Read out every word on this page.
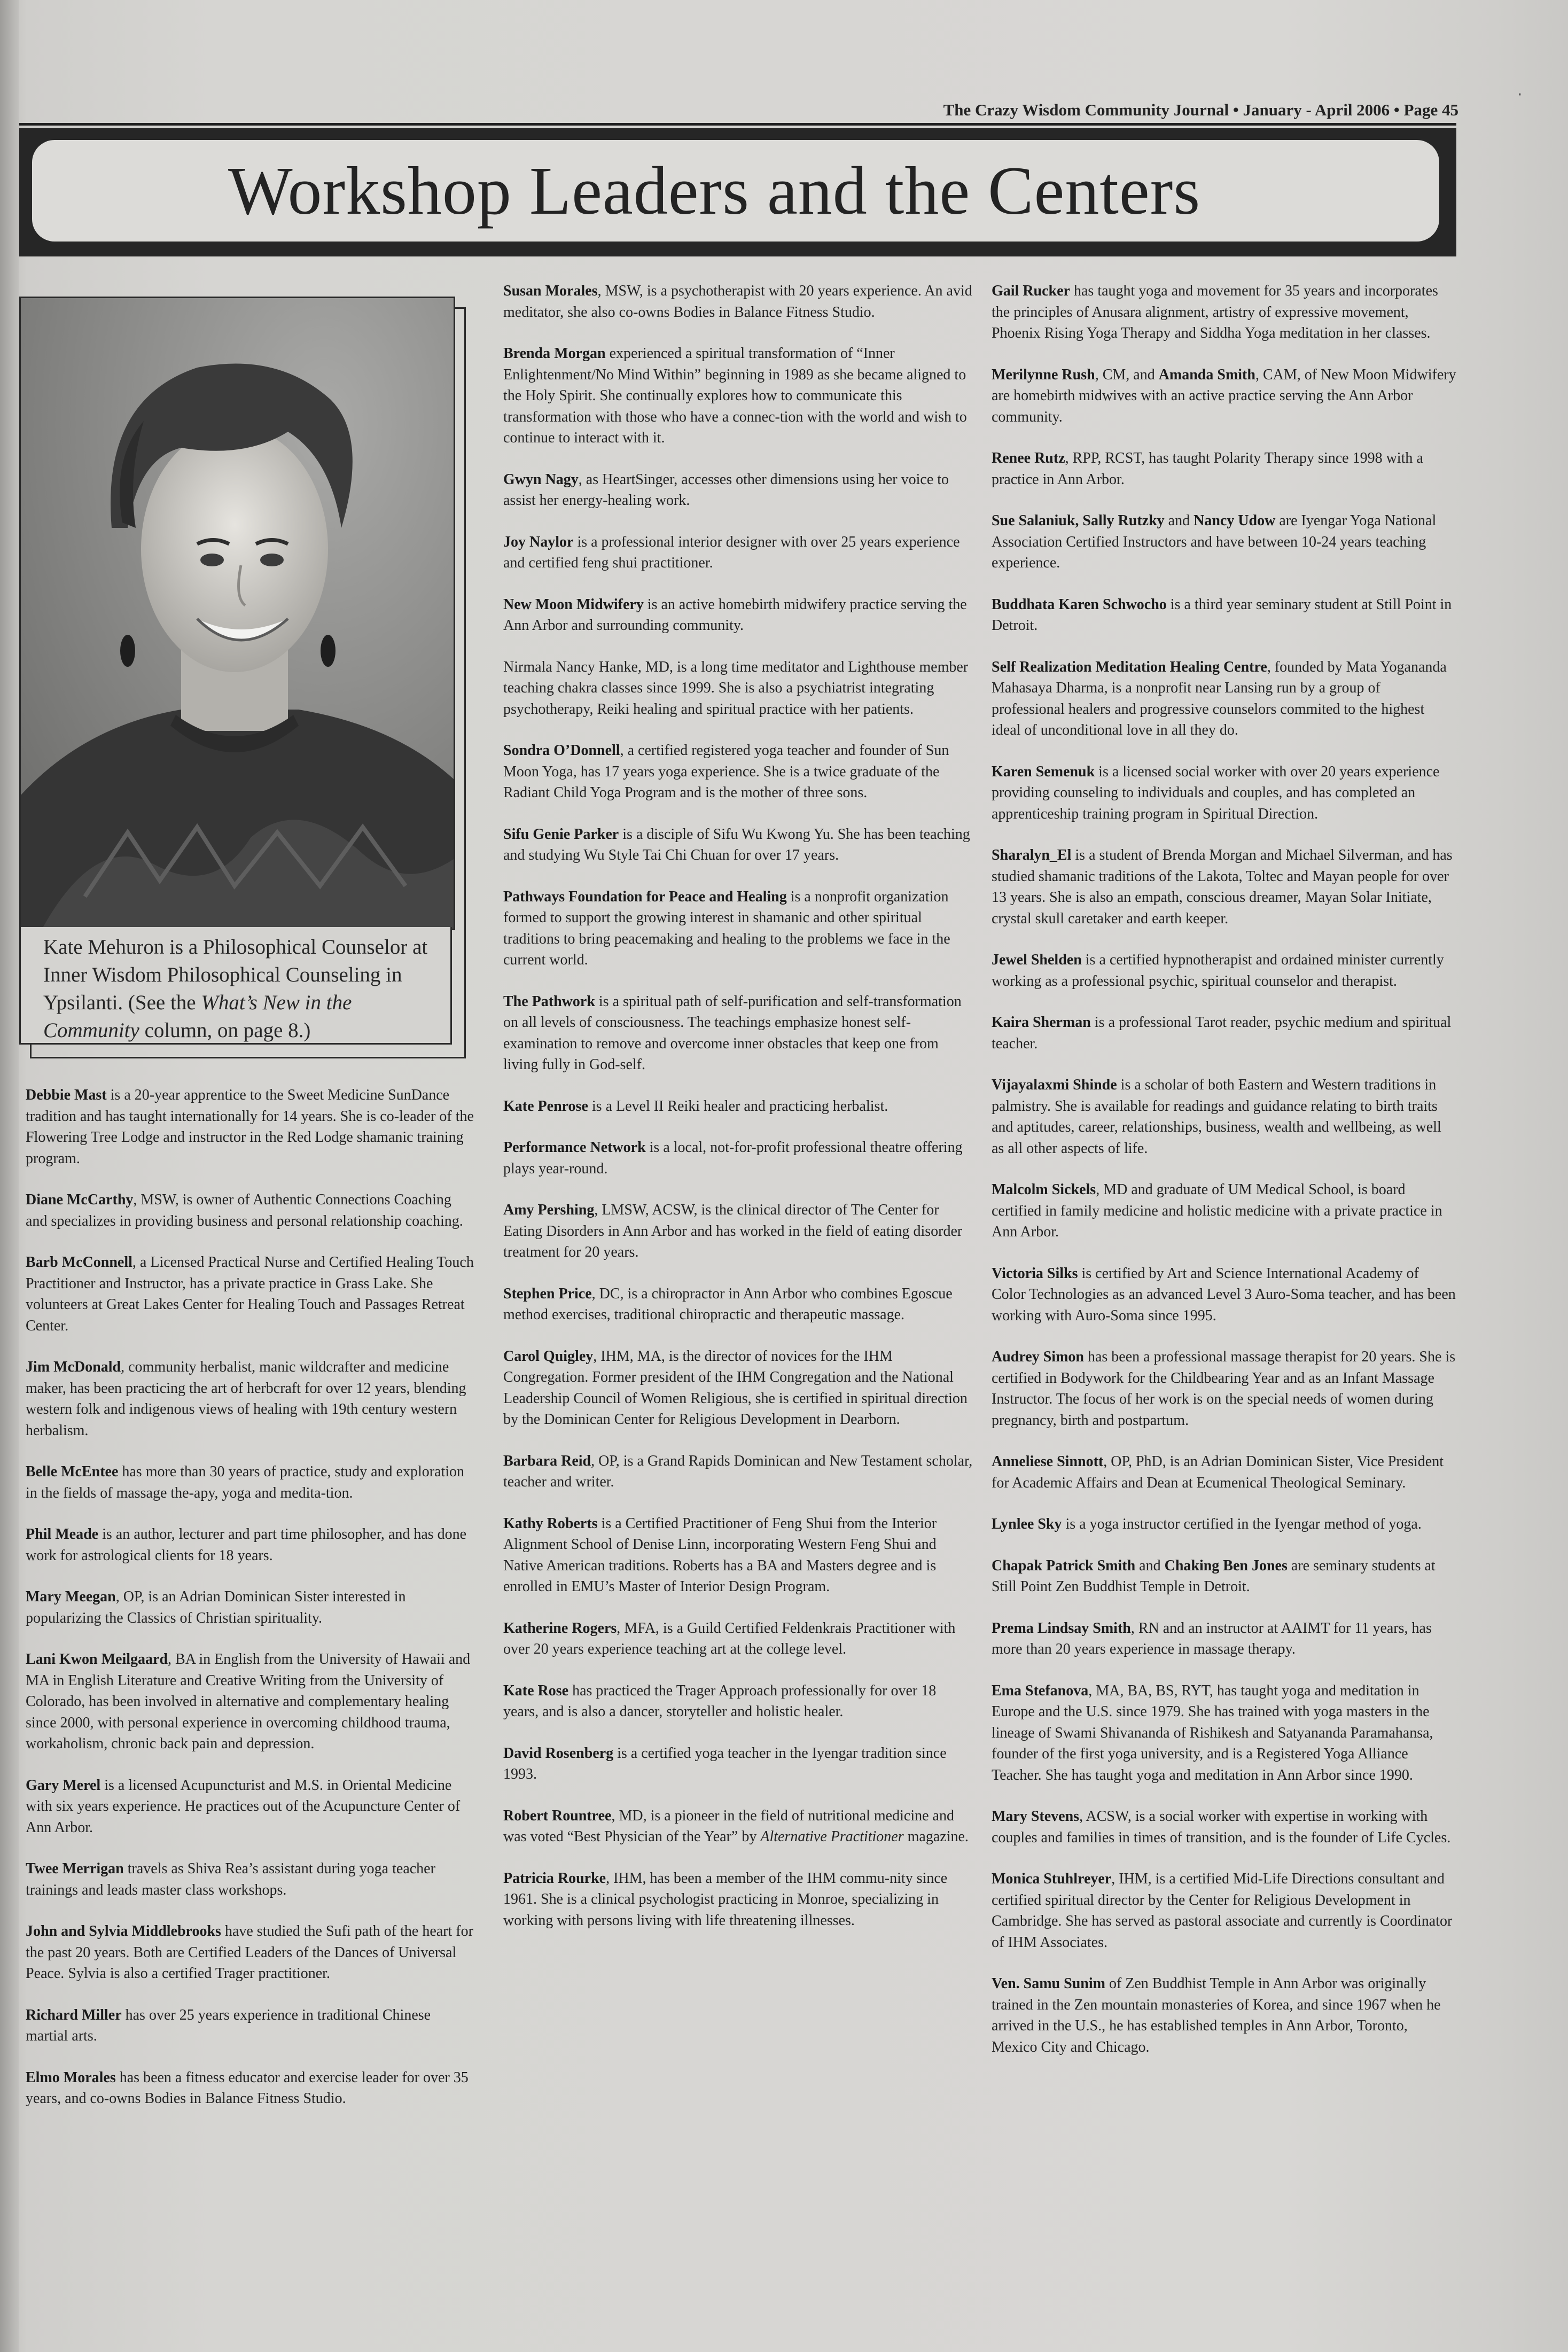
The Crazy Wisdom Community Journal • January - April 2006 • Page 45
Workshop Leaders and the Centers
Kate Mehuron is a Philosophical Counselor at Inner Wisdom Philosophical Counseling in Ypsilanti. (See the What’s New in the Community column, on page 8.)

Debbie Mast is a 20-year apprentice to the Sweet Medicine SunDance tradition and has taught internationally for 14 years. She is co-leader of the Flowering Tree Lodge and instructor in the Red Lodge shamanic training program.

Diane McCarthy, MSW, is owner of Authentic Connections Coaching and specializes in providing business and personal relationship coaching.

Barb McConnell, a Licensed Practical Nurse and Certified Healing Touch Practitioner and Instructor, has a private practice in Grass Lake. She volunteers at Great Lakes Center for Healing Touch and Passages Retreat Center.

Jim McDonald, community herbalist, manic wildcrafter and medicine maker, has been practicing the art of herbcraft for over 12 years, blending western folk and indigenous views of healing with 19th century western herbalism.

Belle McEntee has more than 30 years of practice, study and exploration in the fields of massage the-apy, yoga and medita-tion.

Phil Meade is an author, lecturer and part time philosopher, and has done work for astrological clients for 18 years.

Mary Meegan, OP, is an Adrian Dominican Sister interested in popularizing the Classics of Christian spirituality.

Lani Kwon Meilgaard, BA in English from the University of Hawaii and MA in English Literature and Creative Writing from the University of Colorado, has been involved in alternative and complementary healing since 2000, with personal experience in overcoming childhood trauma, workaholism, chronic back pain and depression.

Gary Merel is a licensed Acupuncturist and M.S. in Oriental Medicine with six years experience. He practices out of the Acupuncture Center of Ann Arbor.

Twee Merrigan travels as Shiva Rea’s assistant during yoga teacher trainings and leads master class workshops.

John and Sylvia Middlebrooks have studied the Sufi path of the heart for the past 20 years. Both are Certified Leaders of the Dances of Universal Peace. Sylvia is also a certified Trager practitioner.

Richard Miller has over 25 years experience in traditional Chinese martial arts.

Elmo Morales has been a fitness educator and exercise leader for over 35 years, and co-owns Bodies in Balance Fitness Studio.

Susan Morales, MSW, is a psychotherapist with 20 years experience. An avid meditator, she also co-owns Bodies in Balance Fitness Studio.

Brenda Morgan experienced a spiritual transformation of “Inner Enlightenment/No Mind Within” beginning in 1989 as she became aligned to the Holy Spirit. She continually explores how to communicate this transformation with those who have a connec-tion with the world and wish to continue to interact with it.

Gwyn Nagy, as HeartSinger, accesses other dimensions using her voice to assist her energy-healing work.

Joy Naylor is a professional interior designer with over 25 years experience and certified feng shui practitioner.

New Moon Midwifery is an active homebirth midwifery practice serving the Ann Arbor and surrounding community.

Nirmala Nancy Hanke, MD, is a long time meditator and Lighthouse member teaching chakra classes since 1999. She is also a psychiatrist integrating psychotherapy, Reiki healing and spiritual practice with her patients.

Sondra O’Donnell, a certified registered yoga teacher and founder of Sun Moon Yoga, has 17 years yoga experience. She is a twice graduate of the Radiant Child Yoga Program and is the mother of three sons.

Sifu Genie Parker is a disciple of Sifu Wu Kwong Yu. She has been teaching and studying Wu Style Tai Chi Chuan for over 17 years.

Pathways Foundation for Peace and Healing is a nonprofit organization formed to support the growing interest in shamanic and other spiritual traditions to bring peacemaking and healing to the problems we face in the current world.

The Pathwork is a spiritual path of self-purification and self-transformation on all levels of consciousness. The teachings emphasize honest self-examination to remove and overcome inner obstacles that keep one from living fully in God-self.

Kate Penrose is a Level II Reiki healer and practicing herbalist.

Performance Network is a local, not-for-profit professional theatre offering plays year-round.

Amy Pershing, LMSW, ACSW, is the clinical director of The Center for Eating Disorders in Ann Arbor and has worked in the field of eating disorder treatment for 20 years.

Stephen Price, DC, is a chiropractor in Ann Arbor who combines Egoscue method exercises, traditional chiropractic and therapeutic massage.

Carol Quigley, IHM, MA, is the director of novices for the IHM Congregation. Former president of the IHM Congregation and the National Leadership Council of Women Religious, she is certified in spiritual direction by the Dominican Center for Religious Development in Dearborn.

Barbara Reid, OP, is a Grand Rapids Dominican and New Testament scholar, teacher and writer.

Kathy Roberts is a Certified Practitioner of Feng Shui from the Interior Alignment School of Denise Linn, incorporating Western Feng Shui and Native American traditions. Roberts has a BA and Masters degree and is enrolled in EMU’s Master of Interior Design Program.

Katherine Rogers, MFA, is a Guild Certified Feldenkrais Practitioner with over 20 years experience teaching art at the college level.

Kate Rose has practiced the Trager Approach professionally for over 18 years, and is also a dancer, storyteller and holistic healer.

David Rosenberg is a certified yoga teacher in the Iyengar tradition since 1993.

Robert Rountree, MD, is a pioneer in the field of nutritional medicine and was voted “Best Physician of the Year” by Alternative Practitioner magazine.

Patricia Rourke, IHM, has been a member of the IHM commu-nity since 1961. She is a clinical psychologist practicing in Monroe, specializing in working with persons living with life threatening illnesses.

Gail Rucker has taught yoga and movement for 35 years and incorporates the principles of Anusara alignment, artistry of expressive movement, Phoenix Rising Yoga Therapy and Siddha Yoga meditation in her classes.

Merilynne Rush, CM, and Amanda Smith, CAM, of New Moon Midwifery are homebirth midwives with an active practice serving the Ann Arbor community.

Renee Rutz, RPP, RCST, has taught Polarity Therapy since 1998 with a practice in Ann Arbor.

Sue Salaniuk, Sally Rutzky and Nancy Udow are Iyengar Yoga National Association Certified Instructors and have between 10-24 years teaching experience.

Buddhata Karen Schwocho is a third year seminary student at Still Point in Detroit.

Self Realization Meditation Healing Centre, founded by Mata Yogananda Mahasaya Dharma, is a nonprofit near Lansing run by a group of professional healers and progressive counselors commited to the highest ideal of unconditional love in all they do.

Karen Semenuk is a licensed social worker with over 20 years experience providing counseling to individuals and couples, and has completed an apprenticeship training program in Spiritual Direction.

Sharalyn_El is a student of Brenda Morgan and Michael Silverman, and has studied shamanic traditions of the Lakota, Toltec and Mayan people for over 13 years. She is also an empath, conscious dreamer, Mayan Solar Initiate, crystal skull caretaker and earth keeper.

Jewel Shelden is a certified hypnotherapist and ordained minister currently working as a professional psychic, spiritual counselor and therapist.

Kaira Sherman is a professional Tarot reader, psychic medium and spiritual teacher.

Vijayalaxmi Shinde is a scholar of both Eastern and Western traditions in palmistry. She is available for readings and guidance relating to birth traits and aptitudes, career, relationships, business, wealth and wellbeing, as well as all other aspects of life.

Malcolm Sickels, MD and graduate of UM Medical School, is board certified in family medicine and holistic medicine with a private practice in Ann Arbor.

Victoria Silks is certified by Art and Science International Academy of Color Technologies as an advanced Level 3 Auro-Soma teacher, and has been working with Auro-Soma since 1995.

Audrey Simon has been a professional massage therapist for 20 years. She is certified in Bodywork for the Childbearing Year and as an Infant Massage Instructor. The focus of her work is on the special needs of women during pregnancy, birth and postpartum.

Anneliese Sinnott, OP, PhD, is an Adrian Dominican Sister, Vice President for Academic Affairs and Dean at Ecumenical Theological Seminary.

Lynlee Sky is a yoga instructor certified in the Iyengar method of yoga.

Chapak Patrick Smith and Chaking Ben Jones are seminary students at Still Point Zen Buddhist Temple in Detroit.

Prema Lindsay Smith, RN and an instructor at AAIMT for 11 years, has more than 20 years experience in massage therapy.

Ema Stefanova, MA, BA, BS, RYT, has taught yoga and meditation in Europe and the U.S. since 1979. She has trained with yoga masters in the lineage of Swami Shivananda of Rishikesh and Satyananda Paramahansa, founder of the first yoga university, and is a Registered Yoga Alliance Teacher. She has taught yoga and meditation in Ann Arbor since 1990.

Mary Stevens, ACSW, is a social worker with expertise in working with couples and families in times of transition, and is the founder of Life Cycles.

Monica Stuhlreyer, IHM, is a certified Mid-Life Directions consultant and certified spiritual director by the Center for Religious Development in Cambridge. She has served as pastoral associate and currently is Coordinator of IHM Associates.

Ven. Samu Sunim of Zen Buddhist Temple in Ann Arbor was originally trained in the Zen mountain monasteries of Korea, and since 1967 when he arrived in the U.S., he has established temples in Ann Arbor, Toronto, Mexico City and Chicago.

·
